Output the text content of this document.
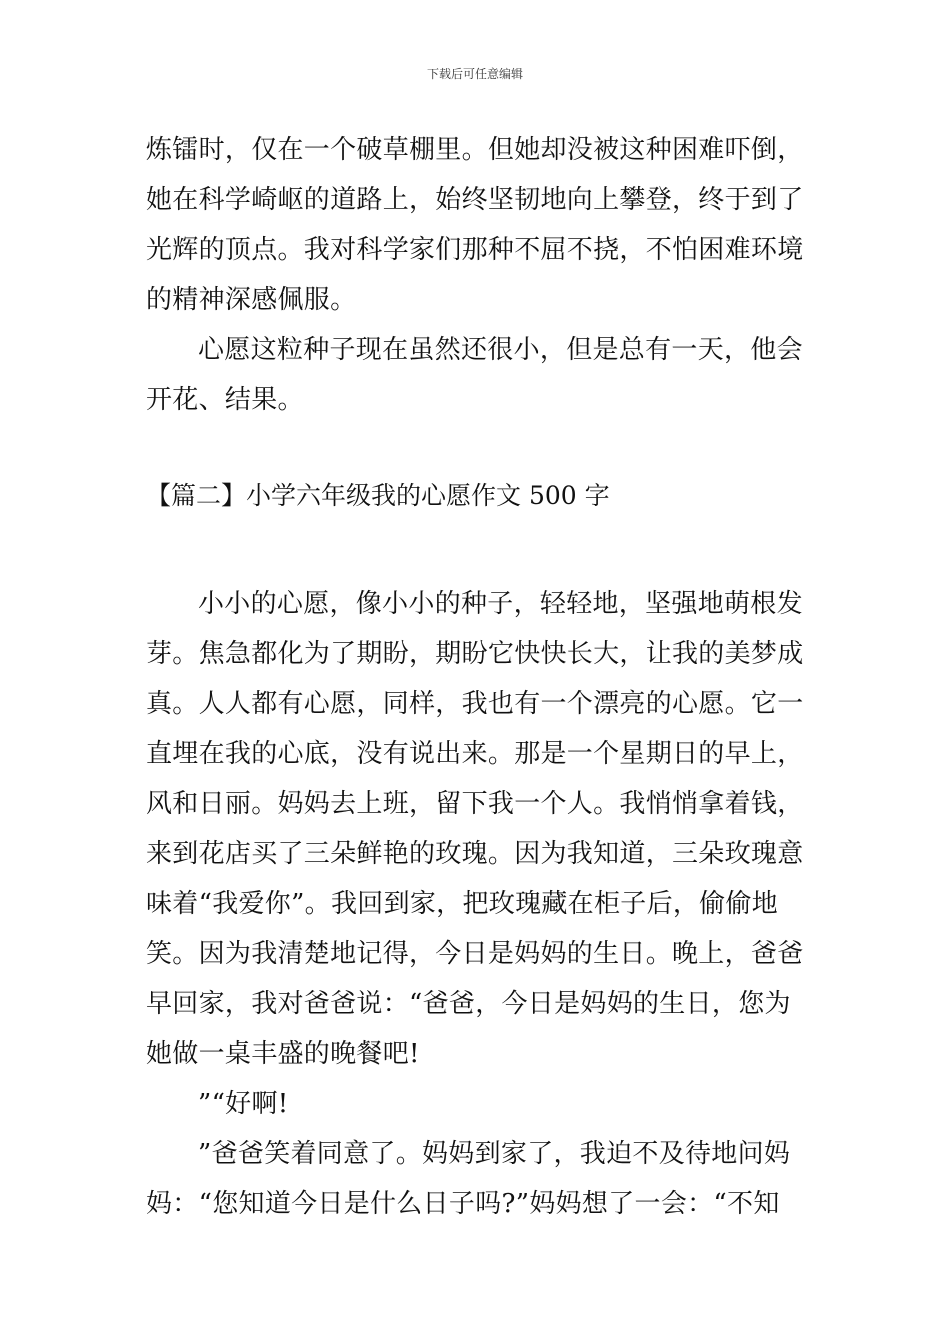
下载后可任意编辑
炼镭时，仅在一个破草棚里。但她却没被这种困难吓倒，
她在科学崎岖的道路上，始终坚韧地向上攀登，终于到了
光辉的顶点。我对科学家们那种不屈不挠，不怕困难环境
的精神深感佩服。
心愿这粒种子现在虽然还很小，但是总有一天，他会
开花、结果。
【篇二】小学六年级我的心愿作文 500 字
小小的心愿，像小小的种子，轻轻地，坚强地萌根发
芽。焦急都化为了期盼，期盼它快快长大，让我的美梦成
真。人人都有心愿，同样，我也有一个漂亮的心愿。它一
直埋在我的心底，没有说出来。那是一个星期日的早上，
风和日丽。妈妈去上班，留下我一个人。我悄悄拿着钱，
来到花店买了三朵鲜艳的玫瑰。因为我知道，三朵玫瑰意
味着“我爱你”。我回到家，把玫瑰藏在柜子后，偷偷地
笑。因为我清楚地记得，今日是妈妈的生日。晚上，爸爸
早回家，我对爸爸说：“爸爸，今日是妈妈的生日，您为
她做一桌丰盛的晚餐吧!
”“好啊!
”爸爸笑着同意了。妈妈到家了，我迫不及待地问妈
妈：“您知道今日是什么日子吗?”妈妈想了一会：“不知
